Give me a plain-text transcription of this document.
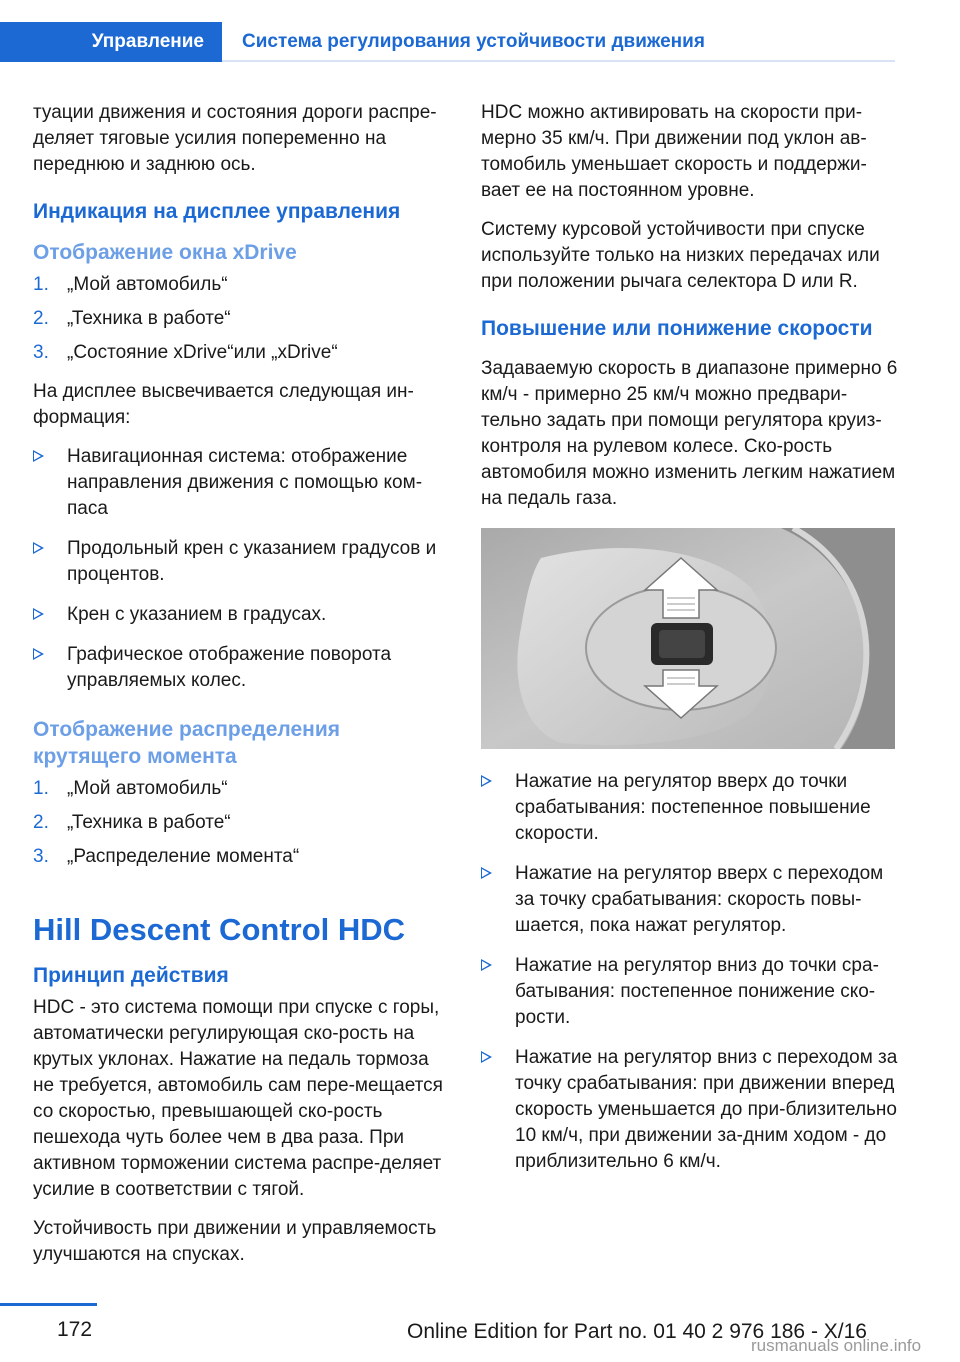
Управление	Система регулирования устойчивости движения

туации движения и состояния дороги распре-деляет тяговые усилия попеременно на переднюю и заднюю ось.

Индикация на дисплее управления
Отображение окна xDrive
1. „Мой автомобиль“
2. „Техника в работе“
3. „Состояние xDrive“или „xDrive“

На дисплее высвечивается следующая ин-формация:

Навигационная система: отображение направления движения с помощью ком-паса
Продольный крен с указанием градусов и процентов.
Крен с указанием в градусах.
Графическое отображение поворота управляемых колес.
Отображение распределения крутящего момента
1. „Мой автомобиль“
2. „Техника в работе“
3. „Распределение момента“
Hill Descent Control HDC
Принцип действия

HDC - это система помощи при спуске с горы, автоматически регулирующая ско-рость на крутых уклонах. Нажатие на педаль тормоза не требуется, автомобиль сам пере-мещается со скоростью, превышающей ско-рость пешехода чуть более чем в два раза. При активном торможении система распре-деляет усилие в соответствии с тягой.

Устойчивость при движении и управляемость улучшаются на спусках.

HDC можно активировать на скорости при-мерно 35 км/ч. При движении под уклон ав-томобиль уменьшает скорость и поддержи-вает ее на постоянном уровне.

Систему курсовой устойчивости при спуске используйте только на низких передачах или при положении рычага селектора D или R.

Повышение или понижение скорости

Задаваемую скорость в диапазоне примерно 6 км/ч - примерно 25 км/ч можно предвари-тельно задать при помощи регулятора круиз-контроля на рулевом колесе. Ско-рость автомобиля можно изменить легким нажатием на педаль газа.

Нажатие на регулятор вверх до точки срабатывания: постепенное повышение скорости.
Нажатие на регулятор вверх с переходом за точку срабатывания: скорость повы-шается, пока нажат регулятор.
Нажатие на регулятор вниз до точки сра-батывания: постепенное понижение ско-рости.
Нажатие на регулятор вниз с переходом за точку срабатывания: при движении вперед скорость уменьшается до при-близительно 10 км/ч, при движении за-дним ходом - до приблизительно 6 км/ч.
172	Online Edition for Part no. 01 40 2 976 186 - X/16
rusmanuals online.info
